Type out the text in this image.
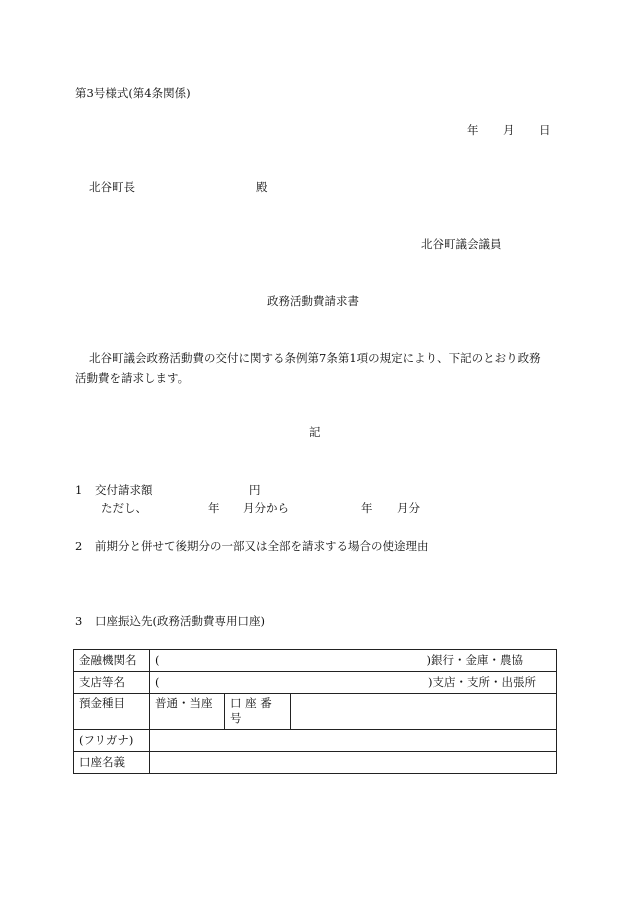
第3号様式(第4条関係)
年 月 日
北谷町長	殿
北谷町議会議員
政務活動費請求書
北谷町議会政務活動費の交付に関する条例第7条第1項の規定により、下記のとおり政務
活動費を請求します。
記
1 交付請求額	円
ただし、	年 月分から	年 月分
2 前期分と併せて後期分の一部又は全部を請求する場合の使途理由
3 口座振込先(政務活動費専用口座)
金融機関名	( )銀行・金庫・農協		

支店等名	( )支店・支所・出張所		

預金種目	普通・当座	口 座 番
号	

(フリガナ)			
口座名義			
